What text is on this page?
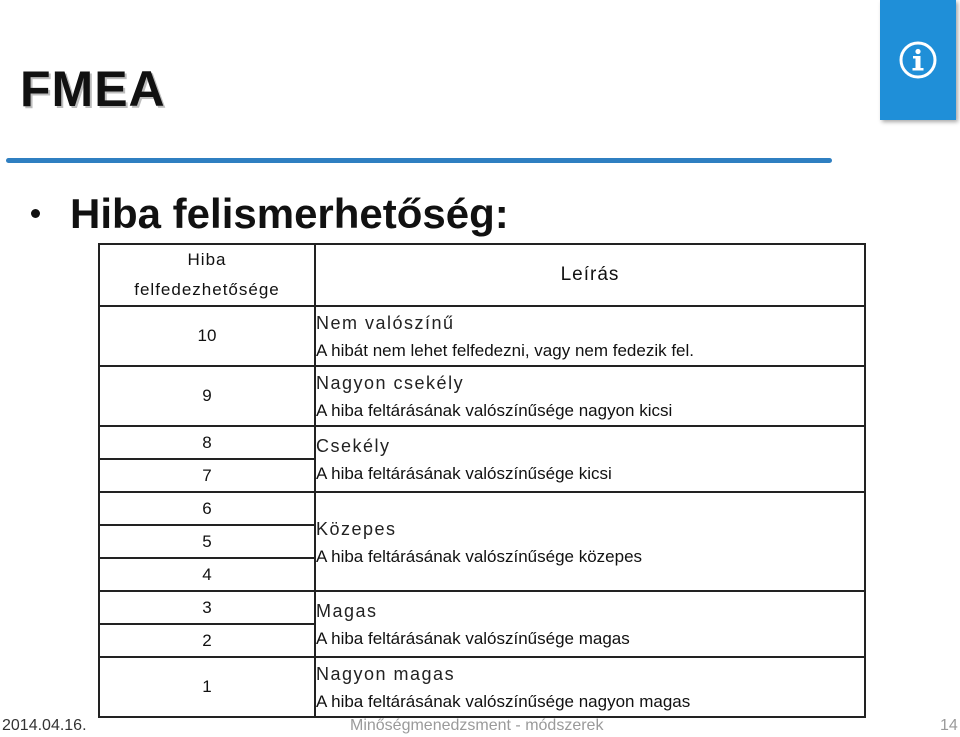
FMEA
Hiba felismerhetőség:
Hiba
felfedezhetősége	Leírás
10	Nem valószínű
A hibát nem lehet felfedezni, vagy nem fedezik fel.

9	Nagyon csekély
A hiba feltárásának valószínűsége nagyon kicsi

8	Csekély
A hiba feltárásának valószínűsége kicsi

7	
6	Közepes
A hiba feltárásának valószínűsége közepes

5	
4	
3	Magas
A hiba feltárásának valószínűsége magas

2	
1	Nagyon magas
A hiba feltárásának valószínűsége nagyon magas
2014.04.16.	Minőségmenedzsment - módszerek	14
